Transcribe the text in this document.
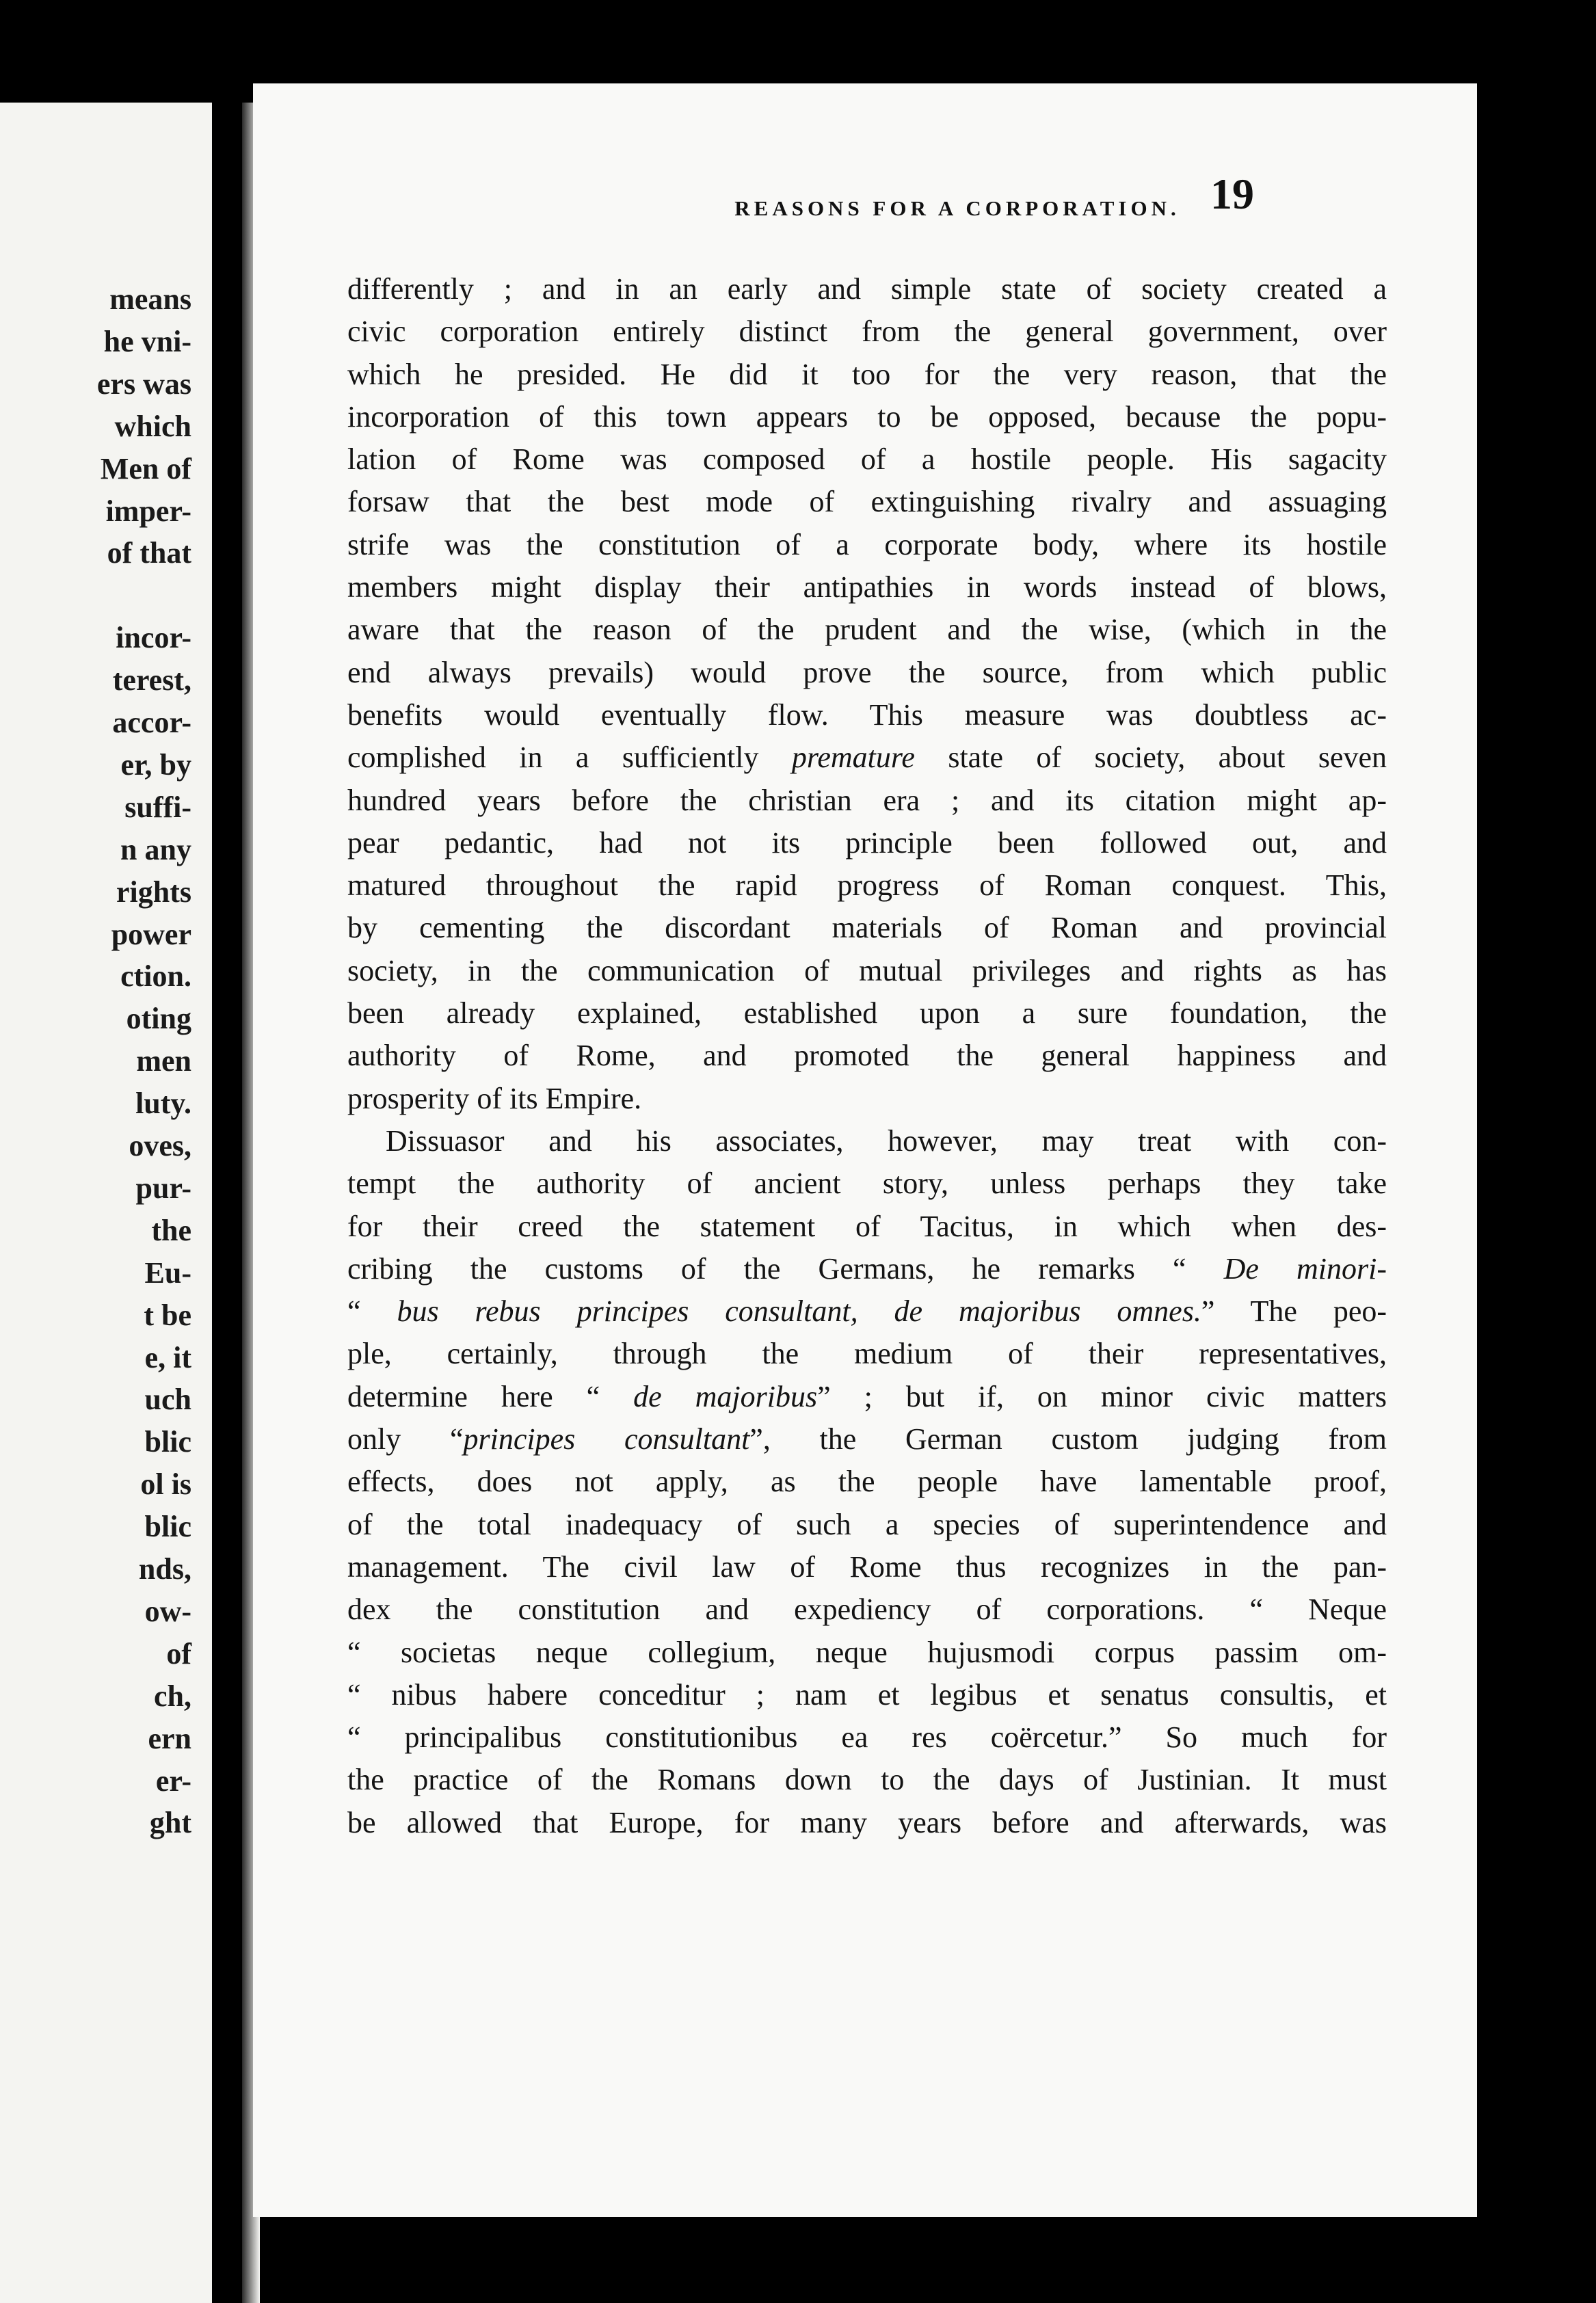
means
he vni-
ers was
which
Men of
imper-
of that
incor-
terest,
accor-
er, by
suffi-
n any
rights
power
ction.
oting
men
luty.
oves,
pur-
the
Eu-
t be
e, it
uch
blic
ol is
blic
nds,
ow-
of
ch,
ern
er-
ght
REASONS FOR A CORPORATION. 19
differently ; and in an early and simple state of society created a
civic corporation entirely distinct from the general government, over
which he presided. He did it too for the very reason, that the
incorporation of this town appears to be opposed, because the popu-
lation of Rome was composed of a hostile people. His sagacity
forsaw that the best mode of extinguishing rivalry and assuaging
strife was the constitution of a corporate body, where its hostile
members might display their antipathies in words instead of blows,
aware that the reason of the prudent and the wise, (which in the
end always prevails) would prove the source, from which public
benefits would eventually flow. This measure was doubtless ac-
complished in a sufficiently premature state of society, about seven
hundred years before the christian era ; and its citation might ap-
pear pedantic, had not its principle been followed out, and
matured throughout the rapid progress of Roman conquest. This,
by cementing the discordant materials of Roman and provincial
society, in the communication of mutual privileges and rights as has
been already explained, established upon a sure foundation, the
authority of Rome, and promoted the general happiness and
prosperity of its Empire.
Dissuasor and his associates, however, may treat with con-
tempt the authority of ancient story, unless perhaps they take
for their creed the statement of Tacitus, in which when des-
cribing the customs of the Germans, he remarks “ De minori-
“ bus rebus principes consultant, de majoribus omnes.” The peo-
ple, certainly, through the medium of their representatives,
determine here “ de majoribus” ; but if, on minor civic matters
only “principes consultant”, the German custom judging from
effects, does not apply, as the people have lamentable proof,
of the total inadequacy of such a species of superintendence and
management. The civil law of Rome thus recognizes in the pan-
dex the constitution and expediency of corporations. “ Neque
“ societas neque collegium, neque hujusmodi corpus passim om-
“ nibus habere conceditur ; nam et legibus et senatus consultis, et
“ principalibus constitutionibus ea res coërcetur.” So much for
the practice of the Romans down to the days of Justinian. It must
be allowed that Europe, for many years before and afterwards, was
